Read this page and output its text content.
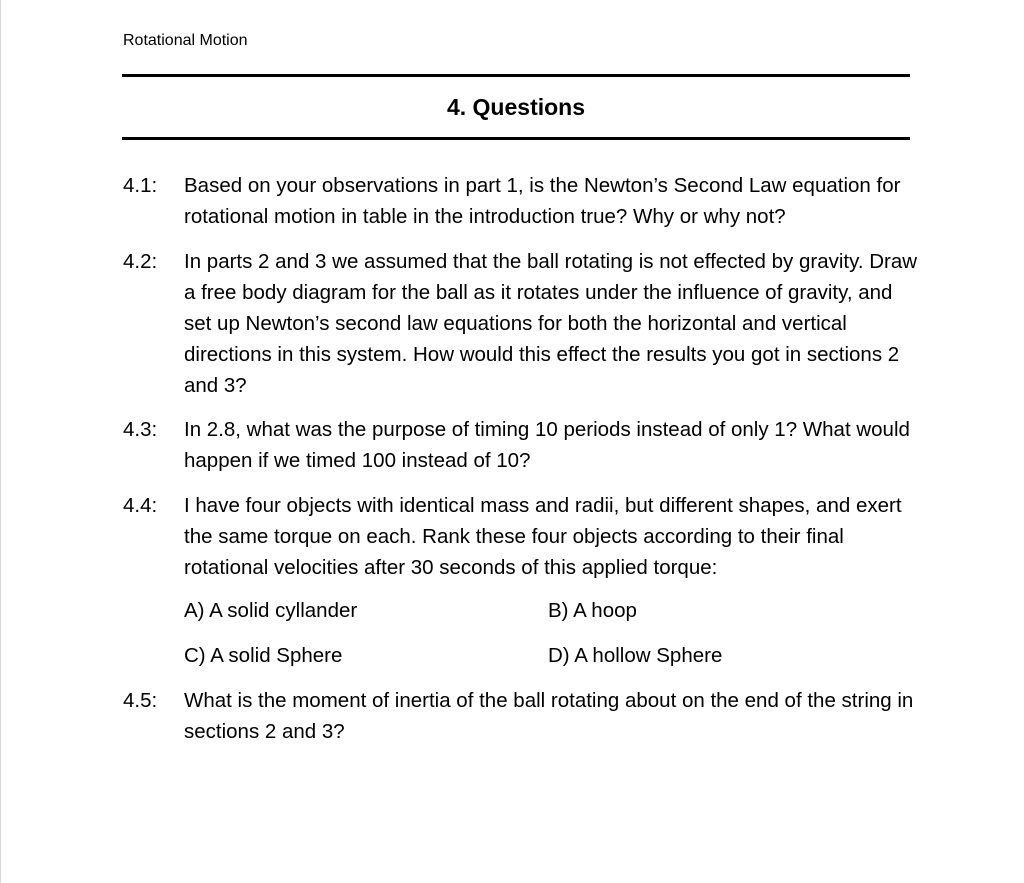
Rotational Motion
4. Questions
4.1: Based on your observations in part 1, is the Newton’s Second Law equation for rotational motion in table in the introduction true? Why or why not?
4.2: In parts 2 and 3 we assumed that the ball rotating is not effected by gravity. Draw a free body diagram for the ball as it rotates under the influence of gravity, and set up Newton’s second law equations for both the horizontal and vertical directions in this system. How would this effect the results you got in sections 2 and 3?
4.3: In 2.8, what was the purpose of timing 10 periods instead of only 1? What would happen if we timed 100 instead of 10?
4.4: I have four objects with identical mass and radii, but different shapes, and exert the same torque on each. Rank these four objects according to their final rotational velocities after 30 seconds of this applied torque:
A) A solid cyllander	B) A hoop
C) A solid Sphere	D) A hollow Sphere
4.5: What is the moment of inertia of the ball rotating about on the end of the string in sections 2 and 3?
